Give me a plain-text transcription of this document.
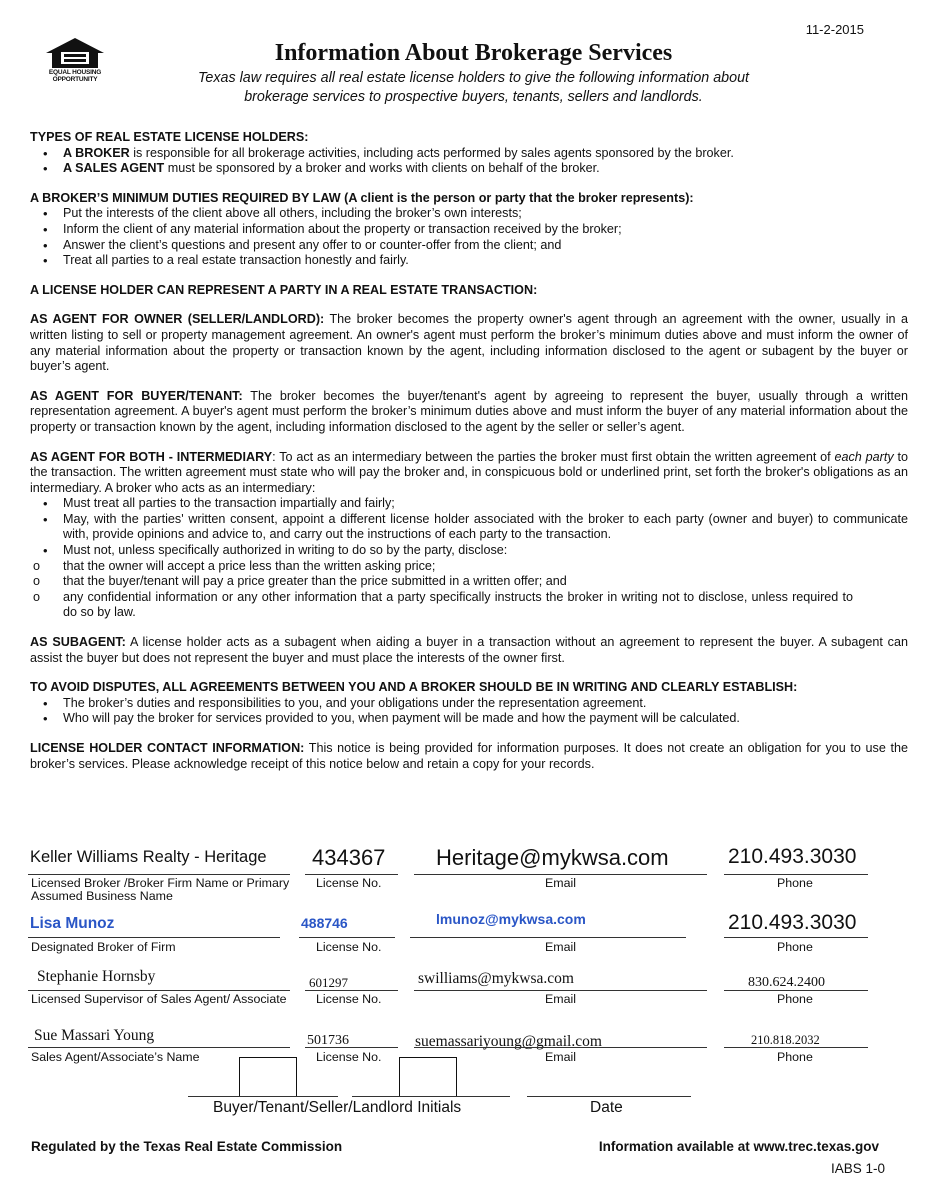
11-2-2015
EQUAL HOUSING
OPPORTUNITY
Information About Brokerage Services
Texas law requires all real estate license holders to give the following information about
brokerage services to prospective buyers, tenants, sellers and landlords.

TYPES OF REAL ESTATE LICENSE HOLDERS:

• A BROKER is responsible for all brokerage activities, including acts performed by sales agents sponsored by the broker.
• A SALES AGENT must be sponsored by a broker and works with clients on behalf of the broker.

A BROKER’S MINIMUM DUTIES REQUIRED BY LAW (A client is the person or party that the broker represents):

• Put the interests of the client above all others, including the broker’s own interests;
• Inform the client of any material information about the property or transaction received by the broker;
• Answer the client’s questions and present any offer to or counter-offer from the client; and
• Treat all parties to a real estate transaction honestly and fairly.

A LICENSE HOLDER CAN REPRESENT A PARTY IN A REAL ESTATE TRANSACTION:

AS AGENT FOR OWNER (SELLER/LANDLORD): The broker becomes the property owner's agent through an agreement with the owner, usually in a written listing to sell or property management agreement. An owner's agent must perform the broker’s minimum duties above and must inform the owner of any material information about the property or transaction known by the agent, including information disclosed to the agent or subagent by the buyer or buyer’s agent.

AS AGENT FOR BUYER/TENANT: The broker becomes the buyer/tenant's agent by agreeing to represent the buyer, usually through a written representation agreement. A buyer's agent must perform the broker’s minimum duties above and must inform the buyer of any material information about the property or transaction known by the agent, including information disclosed to the agent by the seller or seller’s agent.

AS AGENT FOR BOTH - INTERMEDIARY: To act as an intermediary between the parties the broker must first obtain the written agreement of each party to the transaction. The written agreement must state who will pay the broker and, in conspicuous bold or underlined print, set forth the broker's obligations as an intermediary. A broker who acts as an intermediary:

• Must treat all parties to the transaction impartially and fairly;
• May, with the parties' written consent, appoint a different license holder associated with the broker to each party (owner and buyer) to communicate with, provide opinions and advice to, and carry out the instructions of each party to the transaction.
• Must not, unless specifically authorized in writing to do so by the party, disclose:
o that the owner will accept a price less than the written asking price;
o that the buyer/tenant will pay a price greater than the price submitted in a written offer; and
o any confidential information or any other information that a party specifically instructs the broker in writing not to disclose, unless required to do so by law.

AS SUBAGENT: A license holder acts as a subagent when aiding a buyer in a transaction without an agreement to represent the buyer. A subagent can assist the buyer but does not represent the buyer and must place the interests of the owner first.

TO AVOID DISPUTES, ALL AGREEMENTS BETWEEN YOU AND A BROKER SHOULD BE IN WRITING AND CLEARLY ESTABLISH:

• The broker’s duties and responsibilities to you, and your obligations under the representation agreement.
• Who will pay the broker for services provided to you, when payment will be made and how the payment will be calculated.

LICENSE HOLDER CONTACT INFORMATION: This notice is being provided for information purposes. It does not create an obligation for you to use the broker’s services. Please acknowledge receipt of this notice below and retain a copy for your records.

Keller Williams Realty - Heritage 434367 Heritage@mykwsa.com	210.493.3030
Licensed Broker /Broker Firm Name or Primary Assumed Business Name
License No.	Email	Phone
Lisa Munoz	488746	lmunoz@mykwsa.com	210.493.3030
Designated Broker of Firm	License No.	Email	Phone
Stephanie Hornsby	601297	swilliams@mykwsa.com	830.624.2400
Licensed Supervisor of Sales Agent/ Associate	License No.	Email	Phone
Sue Massari Young	501736	suemassariyoung@gmail.com	210.818.2032
Sales Agent/Associate’s Name	License No.	Email	Phone
Buyer/Tenant/Seller/Landlord Initials	Date
Regulated by the Texas Real Estate Commission	Information available at www.trec.texas.gov
IABS 1-0
